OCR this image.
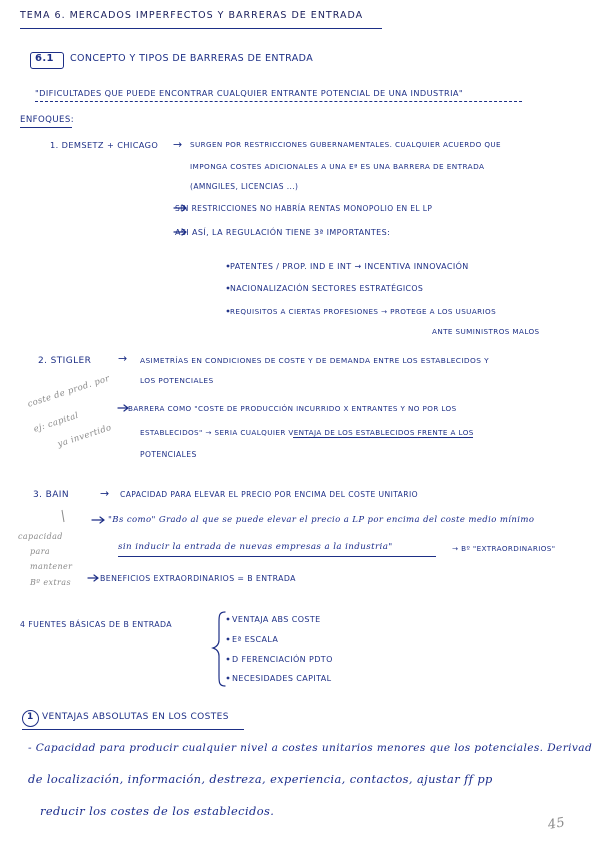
TEMA 6. MERCADOS IMPERFECTOS Y BARRERAS DE ENTRADA
6.1 CONCEPTO Y TIPOS DE BARRERAS DE ENTRADA
"DIFICULTADES QUE PUEDE ENCONTRAR CUALQUIER ENTRANTE POTENCIAL DE UNA INDUSTRIA"
ENFOQUES:
1. DEMSETZ + CHICAGO → SURGEN POR RESTRICCIONES GUBERNAMENTALES. CUALQUIER ACUERDO QUE
IMPONGA COSTES ADICIONALES A UNA Eª ES UNA BARRERA DE ENTRADA
(AMNGILES, LICENCIAS ...)
SIN RESTRICCIONES NO HABRÍA RENTAS MONOPOLIO EN EL LP
ASI ASÍ, LA REGULACIÓN TIENE 3ª IMPORTANTES:
PATENTES / PROP. IND E INT → INCENTIVA INNOVACIÓN
NACIONALIZACIÓN SECTORES ESTRATÉGICOS
REQUISITOS A CIERTAS PROFESIONES → PROTEGE A LOS USUARIOS
ANTE SUMINISTROS MALOS
2. STIGLER → ASIMETRÍAS EN CONDICIONES DE COSTE Y DE DEMANDA ENTRE LOS ESTABLECIDOS Y
LOS POTENCIALES
BARRERA COMO "COSTE DE PRODUCCIÓN INCURRIDO X ENTRANTES Y NO POR LOS
ESTABLECIDOS" → SERIA CUALQUIER VENTAJA DE LOS ESTABLECIDOS FRENTE A LOS
POTENCIALES
coste de prod. por
ej: capital
ya invertido
3. BAIN	→ CAPACIDAD PARA ELEVAR EL PRECIO POR ENCIMA DEL COSTE UNITARIO
"Bs como" Grado al que se puede elevar el precio a LP por encima del coste medio mínimo
sin inducir la entrada de nuevas empresas a la industria"	→ Bº "EXTRAORDINARIOS"
BENEFICIOS EXTRAORDINARIOS = B ENTRADA
capacidad
para
mantener
Bº extras
4 FUENTES BÁSICAS DE B ENTRADA
VENTAJA ABS COSTE
Eª ESCALA
D FERENCIACIÓN PDTO
NECESIDADES CAPITAL
1 VENTAJAS ABSOLUTAS EN LOS COSTES
- Capacidad para producir cualquier nivel a costes unitarios menores que los potenciales. Derivad
de localización, información, destreza, experiencia, contactos, ajustar ff pp
reducir los costes de los establecidos.
45
